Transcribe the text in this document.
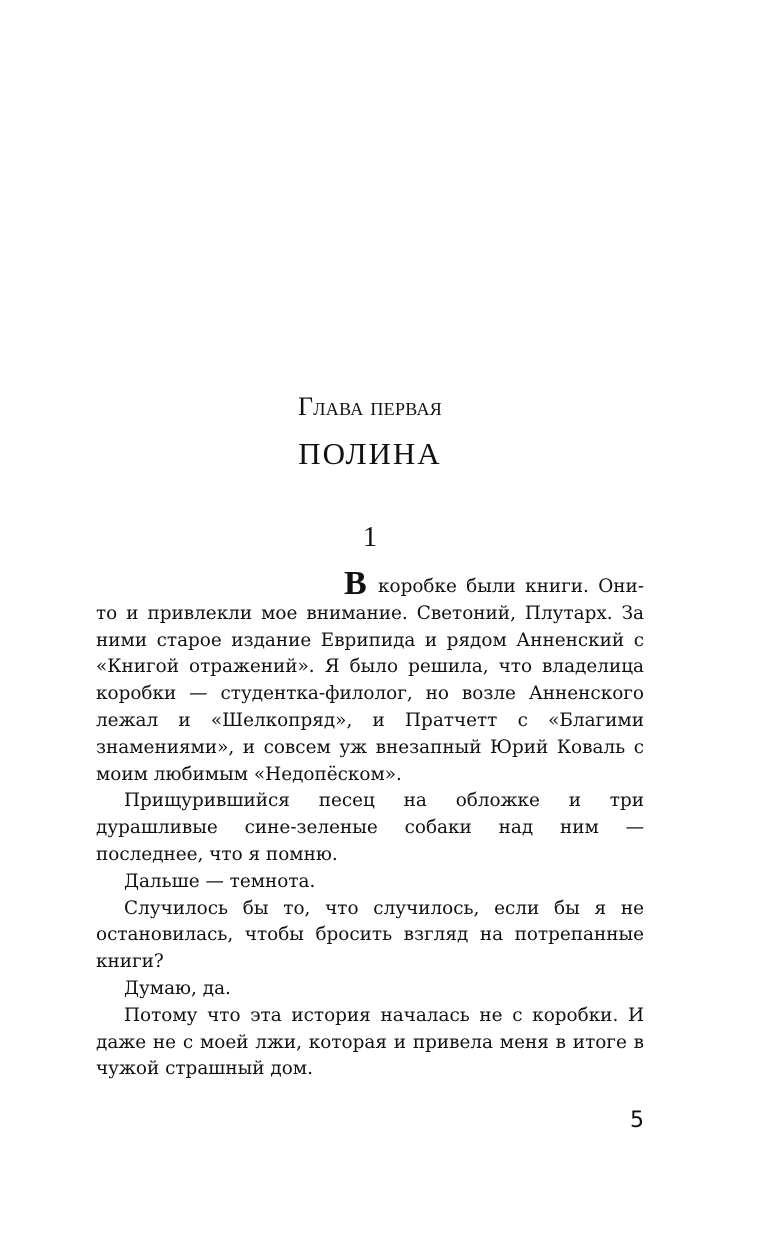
Глава первая
ПОЛИНА
1

В коробке были книги. Они-то и привлекли мое внимание. Светоний, Плутарх. За ними старое издание Еврипида и рядом Анненский с «Книгой отражений». Я было решила, что владелица коробки — студентка-филолог, но возле Анненского лежал и «Шелкопряд», и Пратчетт с «Благими знамениями», и совсем уж внезапный Юрий Коваль с моим любимым «Недопёском».

Прищурившийся песец на обложке и три дурашливые сине-зеленые собаки над ним — последнее, что я помню.

Дальше — темнота.

Случилось бы то, что случилось, если бы я не остановилась, чтобы бросить взгляд на потрепанные книги?

Думаю, да.

Потому что эта история началась не с коробки. И даже не с моей лжи, которая и привела меня в итоге в чужой страшный дом.

5
